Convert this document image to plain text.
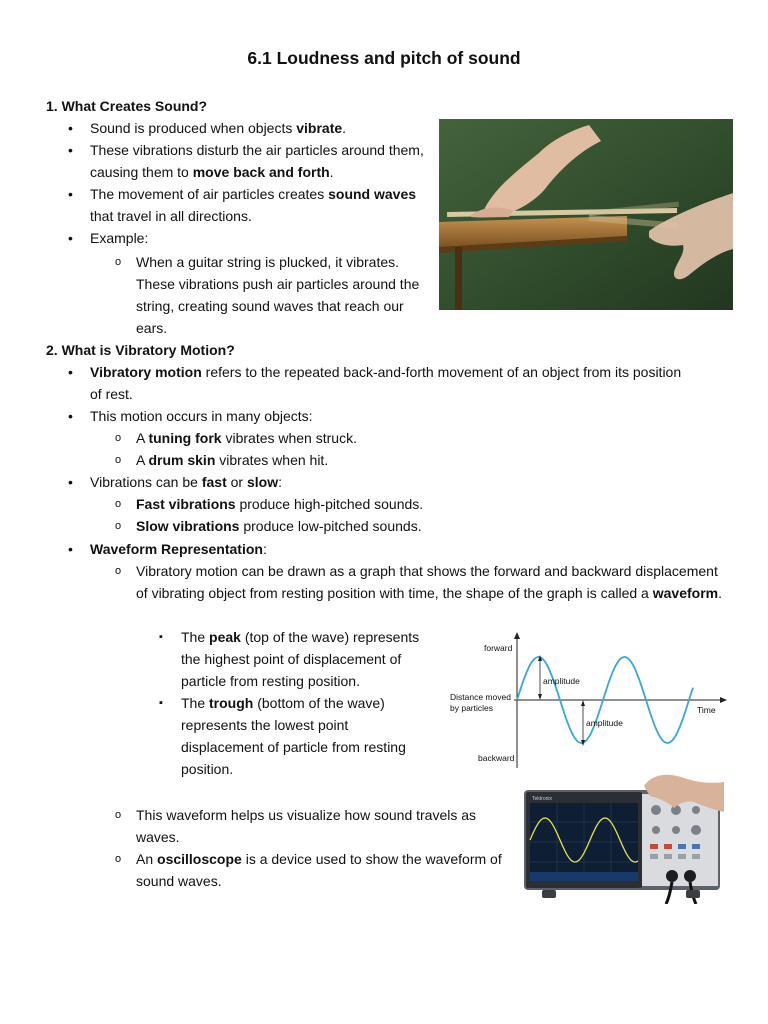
6.1 Loudness and pitch of sound
1. What Creates Sound?
• Sound is produced when objects vibrate.
• These vibrations disturb the air particles around them, causing them to move back and forth.
• The movement of air particles creates sound waves that travel in all directions.
• Example:
o When a guitar string is plucked, it vibrates. These vibrations push air particles around the string, creating sound waves that reach our ears.
2. What is Vibratory Motion?
• Vibratory motion refers to the repeated back-and-forth movement of an object from its position of rest.
• This motion occurs in many objects:
o A tuning fork vibrates when struck.
o A drum skin vibrates when hit.
• Vibrations can be fast or slow:
o Fast vibrations produce high-pitched sounds.
o Slow vibrations produce low-pitched sounds.
• Waveform Representation:
o Vibratory motion can be drawn as a graph that shows the forward and backward displacement of vibrating object from resting position with time, the shape of the graph is called a waveform.
▪ The peak (top of the wave) represents the highest point of displacement of particle from resting position.
▪ The trough (bottom of the wave) represents the lowest point displacement of particle from resting position.
o This waveform helps us visualize how sound travels as waves.
o An oscilloscope is a device used to show the waveform of sound waves.
forward
backward
Distance moved
by particles	Time
amplitude
amplitude
Tektronix
